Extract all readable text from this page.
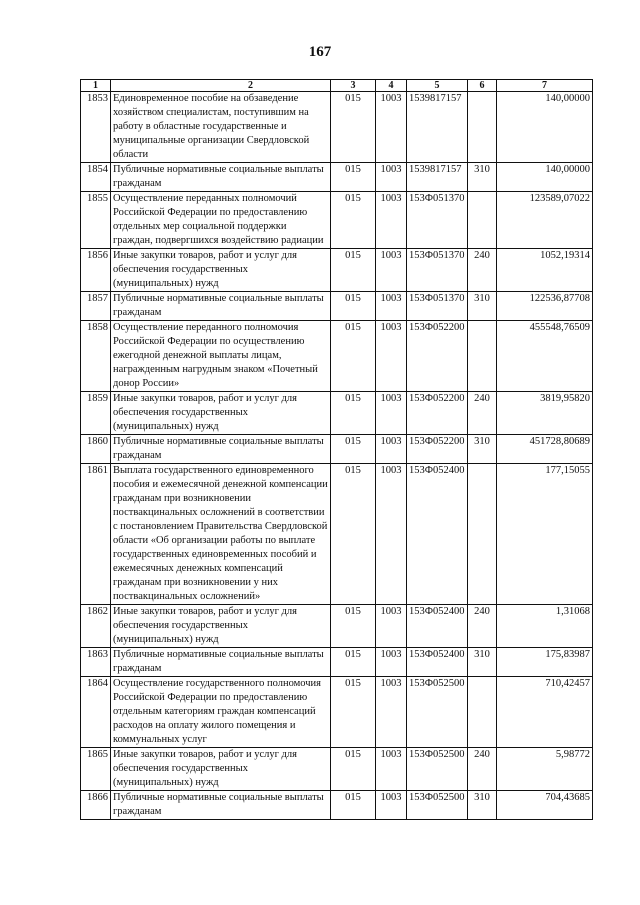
167
1	2	3	4	5	6	7
1853	Единовременное пособие на обзаведение хозяйством специалистам, поступившим на работу в областные государственные и муниципальные организации Свердловской области	015	1003	1539817157		140,00000
1854	Публичные нормативные социальные выплаты гражданам	015	1003	1539817157	310	140,00000
1855	Осуществление переданных полномочий Российской Федерации по предоставлению отдельных мер социальной поддержки граждан, подвергшихся воздействию радиации	015	1003	153Ф051370		123589,07022
1856	Иные закупки товаров, работ и услуг для обеспечения государственных (муниципальных) нужд	015	1003	153Ф051370	240	1052,19314
1857	Публичные нормативные социальные выплаты гражданам	015	1003	153Ф051370	310	122536,87708
1858	Осуществление переданного полномочия Российской Федерации по осуществлению ежегодной денежной выплаты лицам, награжденным нагрудным знаком «Почетный донор России»	015	1003	153Ф052200		455548,76509
1859	Иные закупки товаров, работ и услуг для обеспечения государственных (муниципальных) нужд	015	1003	153Ф052200	240	3819,95820
1860	Публичные нормативные социальные выплаты гражданам	015	1003	153Ф052200	310	451728,80689
1861	Выплата государственного единовременного пособия и ежемесячной денежной компенсации гражданам при возникновении поствакцинальных осложнений в соответствии с постановлением Правительства Свердловской области «Об организации работы по выплате государственных единовременных пособий и ежемесячных денежных компенсаций гражданам при возникновении у них поствакцинальных осложнений»	015	1003	153Ф052400		177,15055
1862	Иные закупки товаров, работ и услуг для обеспечения государственных (муниципальных) нужд	015	1003	153Ф052400	240	1,31068
1863	Публичные нормативные социальные выплаты гражданам	015	1003	153Ф052400	310	175,83987
1864	Осуществление государственного полномочия Российской Федерации по предоставлению отдельным категориям граждан компенсаций расходов на оплату жилого помещения и коммунальных услуг	015	1003	153Ф052500		710,42457
1865	Иные закупки товаров, работ и услуг для обеспечения государственных (муниципальных) нужд	015	1003	153Ф052500	240	5,98772
1866	Публичные нормативные социальные выплаты гражданам	015	1003	153Ф052500	310	704,43685
